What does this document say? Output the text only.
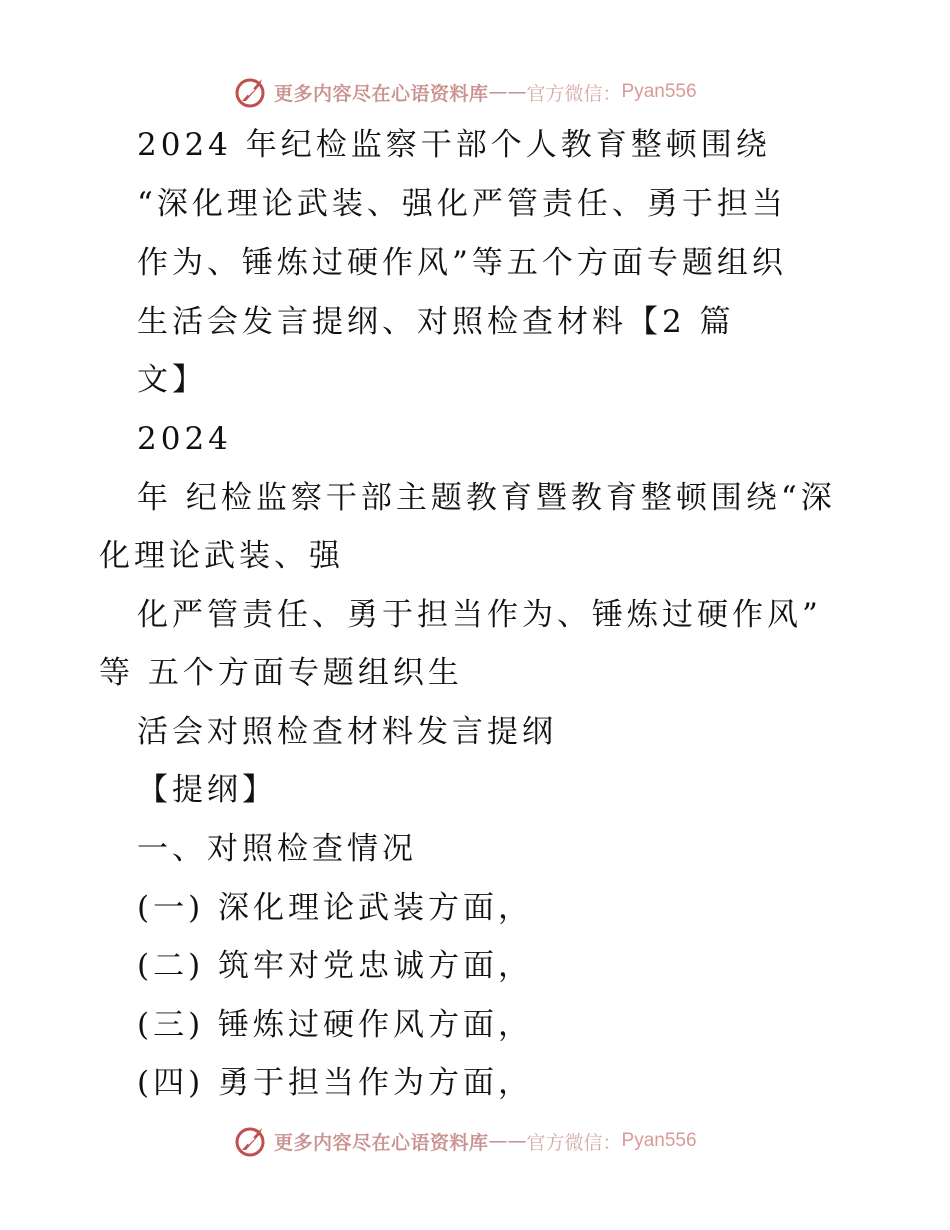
更多内容尽在心语资料库 —— 官方微信： Pyan556
2024 年纪检监察干部个人教育整顿围绕
“深化理论武装、强化严管责任、勇于担当
作为、锤炼过硬作风”等五个方面专题组织
生活会发言提纲、对照检查材料【2 篇
文】
2024
年 纪检监察干部主题教育暨教育整顿围绕“深
化理论武装、强
化严管责任、勇于担当作为、锤炼过硬作风”
等 五个方面专题组织生
活会对照检查材料发言提纲
【提纲】
一、对照检查情况
(一) 深化理论武装方面，
(二) 筑牢对党忠诚方面，
(三) 锤炼过硬作风方面，
(四) 勇于担当作为方面，
更多内容尽在心语资料库 —— 官方微信： Pyan556
